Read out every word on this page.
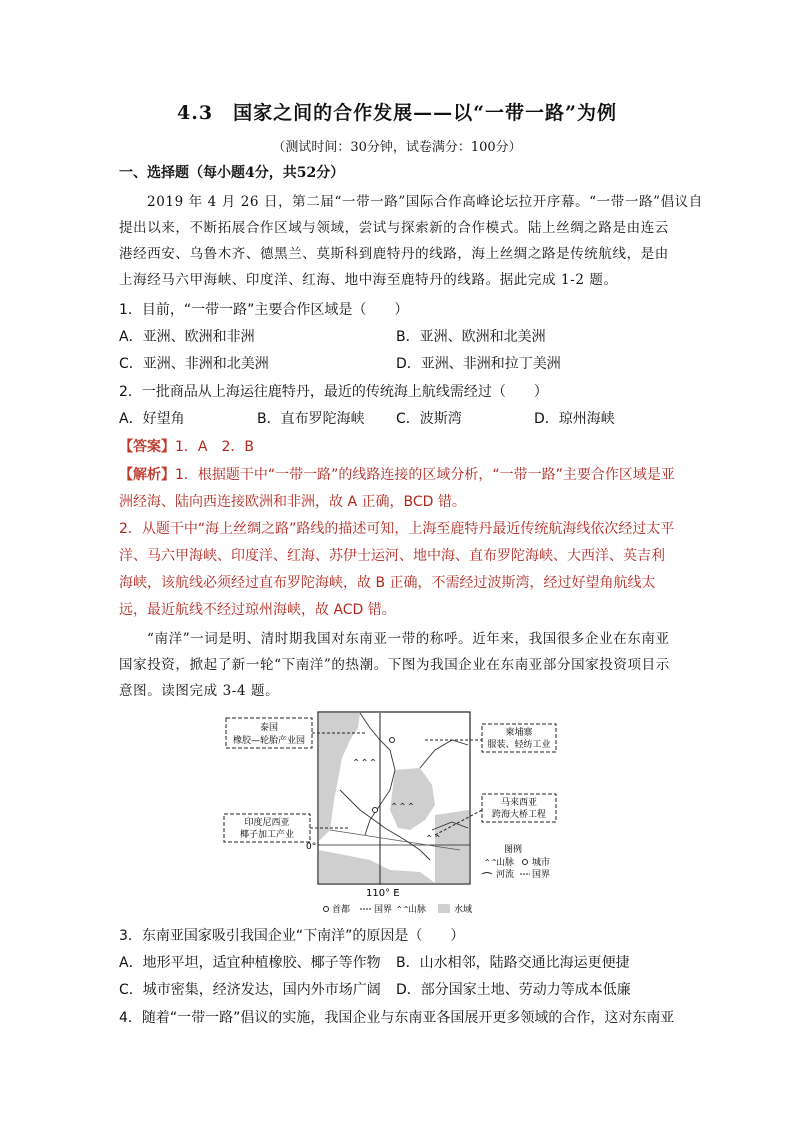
4.3　国家之间的合作发展——以“一带一路”为例
（测试时间：30分钟，试卷满分：100分）
一、选择题（每小题4分，共52分）
2019 年 4 月 26 日，第二届“一带一路”国际合作高峰论坛拉开序幕。“一带一路”倡议自
提出以来，不断拓展合作区域与领域，尝试与探索新的合作模式。陆上丝绸之路是由连云
港经西安、乌鲁木齐、德黑兰、莫斯科到鹿特丹的线路，海上丝绸之路是传统航线，是由
上海经马六甲海峡、印度洋、红海、地中海至鹿特丹的线路。据此完成 1-2 题。
1．目前，“一带一路”主要合作区域是（　　）
A．亚洲、欧洲和非洲	B．亚洲、欧洲和北美洲
C．亚洲、非洲和北美洲	D．亚洲、非洲和拉丁美洲
2．一批商品从上海运往鹿特丹，最近的传统海上航线需经过（　　）
A．好望角	B．直布罗陀海峡 C．波斯湾	D．琼州海峡
【答案】1．A　2．B
【解析】1．根据题干中“一带一路”的线路连接的区域分析，“一带一路”主要合作区域是亚
洲经海、陆向西连接欧洲和非洲，故 A 正确，BCD 错。
2．从题干中“海上丝绸之路”路线的描述可知，上海至鹿特丹最近传统航海线依次经过太平
洋、马六甲海峡、印度洋、红海、苏伊士运河、地中海、直布罗陀海峡、大西洋、英吉利
海峡，该航线必须经过直布罗陀海峡，故 B 正确，不需经过波斯湾，经过好望角航线太
远，最近航线不经过琼州海峡，故 ACD 错。
“南洋”一词是明、清时期我国对东南亚一带的称呼。近年来，我国很多企业在东南亚
国家投资，掀起了新一轮“下南洋”的热潮。下图为我国企业在东南亚部分国家投资项目示
意图。读图完成 3-4 题。
⌃⌃⌃
⌃⌃⌃
⌃⌃
泰国
橡胶—轮胎产业园
柬埔寨
服装、轻纺工业
马来西亚
跨海大桥工程
印度尼西亚
椰子加工产业
0°
110° E
图例
⌃⌃
山脉 城市
河流 国界
首都	国界 ⌃⌃
山脉	水域
3．东南亚国家吸引我国企业“下南洋”的原因是（　　）
A．地形平坦，适宜种植橡胶、椰子等作物 B．山水相邻，陆路交通比海运更便捷
C．城市密集，经济发达，国内外市场广阔 D．部分国家土地、劳动力等成本低廉
4．随着“一带一路”倡议的实施，我国企业与东南亚各国展开更多领域的合作，这对东南亚
